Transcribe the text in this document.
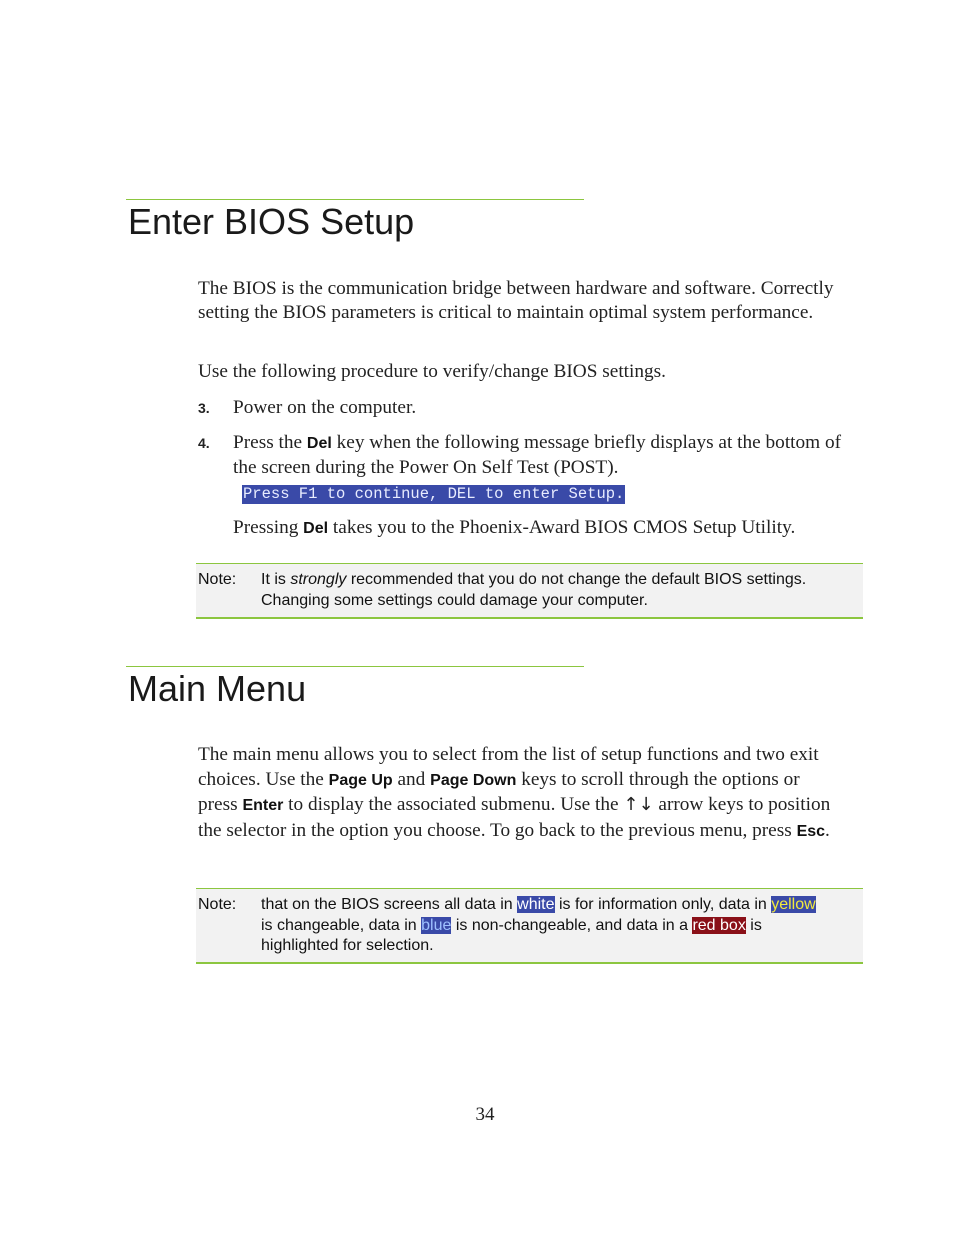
Enter BIOS Setup

The BIOS is the communication bridge between hardware and software. Correctly setting the BIOS parameters is critical to maintain optimal system performance.

Use the following procedure to verify/change BIOS settings.

3. Power on the computer.

4. Press the Del key when the following message briefly displays at the bottom of the screen during the Power On Self Test (POST).

Press F1 to continue, DEL to enter Setup.

Pressing Del takes you to the Phoenix-Award BIOS CMOS Setup Utility.

Note: It is strongly recommended that you do not change the default BIOS settings. Changing some settings could damage your computer.
Main Menu

The main menu allows you to select from the list of setup functions and two exit choices. Use the Page Up and Page Down keys to scroll through the options or press Enter to display the associated submenu. Use the ↑↓ arrow keys to position the selector in the option you choose. To go back to the previous menu, press Esc.

Note: that on the BIOS screens all data in white is for information only, data in yellow is changeable, data in blue is non-changeable, and data in a red box is highlighted for selection.
34
